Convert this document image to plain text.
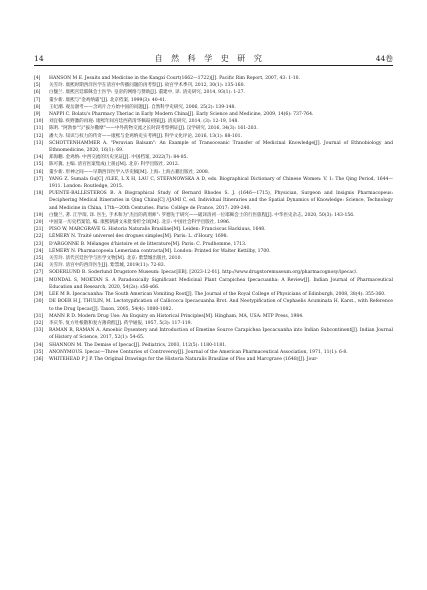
14	自 然 科 学 史 研 究	44卷
[4] HANSON M E. Jesuits and Medicine in the Kangxi Court(1662—1722)[J]. Pacific Rim Report, 2007, 43: 1-10.
[5] 关雪玲. 康熙时期西洋医学在清宫中传播问题的再考察[J]. 故宫学术季刊, 2012, 30(1): 135-160.
[6] 白馥兰. 康熙宫廷耶稣会士医学: 皇帝的网络与赞助[J]. 董建中, 译. 清史研究, 2014, 93(1): 1-27.
[7] 董少新. 康熙与"金鸡纳霜"[J]. 北京档案, 1999(3): 40-41.
[8] 王纪潮. 观岳渤考——含鸡片合方始中国的问题[J]. 自然科学史研究, 2006, 25(2): 139-148.
[9] NAPPI C. Bolatu's Pharmacy Theriac in Early Modern China[J]. Early Science and Medicine, 2009, 14(6): 737-764.
[10] 刘宜翰. 疾野激的再观: 康熙年间宫廷西药清华佩曷初探[J]. 清史研究, 2014, (3): 12-19, 148.
[11] 陈明. "阿勃参"与"拔尔撒摩"——中外药物交流之长时段考察例证[J]. 汉学研究, 2016, 34(3): 161-203.
[12] 潘大为. 知识与权力的传奇——康熙与金鸡纳史实考辨[J]. 科学文化评论, 2016, 13(1): 88-101.
[13] SCHOTTENHAMMER A. "Peruvian Balsam": An Example of Transoceanic Transfer of Medicinal Knowledge[J]. Journal of Ethnobiology and Ethnomedicine, 2020, 16(1): 69.
[14] 郑海鹏. 金鸡纳: 中西交流的历史见证[J]. 中国档案, 2022(7): 84-85.
[15] 陈可冀, 主编. 清宫医案集成(上册)[M]. 北京: 科学出版社, 2012.
[16] 董少新. 形神之间——早期西洋医学入华史稿[M]. 上海: 上海古籍出版社, 2008.
[17] YANG Z. Sumala Gu[C] //LEE, L X H, LAU C, STEFANOWSKA A D, eds. Biographical Dictionary of Chinese Women: V. 1: The Qing Period, 1644—1911. London: Routledge, 2015.
[18] PUENTE-BALLESTEROS B. A Biographical Study of Bernard Rhodes S. J. (1646—1715), Physician, Surgeon and Insignis Pharmacopeus: Deciphering Medical Itineraries in Qing China[C] //JAMI C, ed. Individual Itineraries and the Spatial Dynamics of Knowledge: Science, Technology and Medicine in China, 17th—20th Centuries. Paris: Collège de France, 2017: 209-240.
[19] 白馥兰, 著. 江学琛, 译. 医生, 手术和为"杰出的药剂师": 罗德先于研究——破译清初一位耶稣会士的行医旅程[J]. 中华医史杂志, 2020, 50(3): 143-156.
[20] 中国第一历史档案馆, 编. 康熙朝满文朱批奏折全译[M]. 北京: 中国社会科学出版社, 1996.
[21] PISO W, MARCGRAVE G. Historia Naturalis Brasiliae[M]. Leiden: Franciscus Hackiuus, 1648.
[22] LÉMERY N. Traité universel des drogues simples[M]. Paris: L. d'Houry, 1698.
[23] D'ARGONNE B. Mélanges d'histoire et de litterature[M]. Paris: C. Prudhomme, 1713.
[24] LÉMERY N. Pharmacopoeia Lemeriana contracta[M]. London: Printed for Walter Kettilby, 1700.
[25] 关雪玲. 清代宫廷医学与医学文物[M]. 北京: 紫禁城出版社, 2010.
[26] 关雪玲. 清宫中的西洋医生[J]. 紫禁城, 2019(11): 72-83.
[27] SODERLUND B. Soderlund Drugstore Museum: Ipecac[EB]. [2023-12-01]. http://www.drugstoremuseum.org/pharmacognosy/ipecac/.
[28] MONDAL S, MOKTAN S. A Paradoxically Significant Medicinal Plant Carapichea Ipecacuanha: A Review[J]. Indian Journal of Pharmaceutical Education and Research, 2020, 54(2s): s56-s66.
[29] LEE M R. Ipecacuanha: The South American Vomiting Root[J]. The Journal of the Royal College of Physicians of Edinburgh, 2008, 38(4): 355-360.
[30] DE BOER H J, THULIN, M. Lectotypification of Callicocca Ipecacuanha Brot. And Neotypification of Cephaelis Acuminata H. Karst., with Reference to the Drug Ipecac[J]. Taxon, 2005, 54(4): 1080-1082.
[31] MANN R D. Modern Drug Use: An Enquiry on Historical Principles[M]. Hingham, MA, USA: MTP Press, 1984.
[32] 李庆华, 复方吐根散和复方薄荷酊[J]. 药学通报, 1957, 5(3): 117-119.
[33] RAMAN R, RAMAN A. Amoebic Dysentery and Introduction of Emetine Source Carapichea Ipecacuanha into Indian Subcontinent[J]. Indian Journal of History of Science, 2017, 52(1): 54-65.
[34] SHANNON M. The Demise of Ipecac[J]. Pediatrics, 2003, 112(5): 1180-1181.
[35] ANONYMOUS. Ipecac—Three Centuries of Controversy[J]. Journal of the American Pharmaceutical Association, 1971, 11(1): 6-8.
[36] WHITEHEAD P J P. The Original Drawings for the Historia Naturalis Brasiliae of Piso and Marcgrave (1648)[J]. Jour-
